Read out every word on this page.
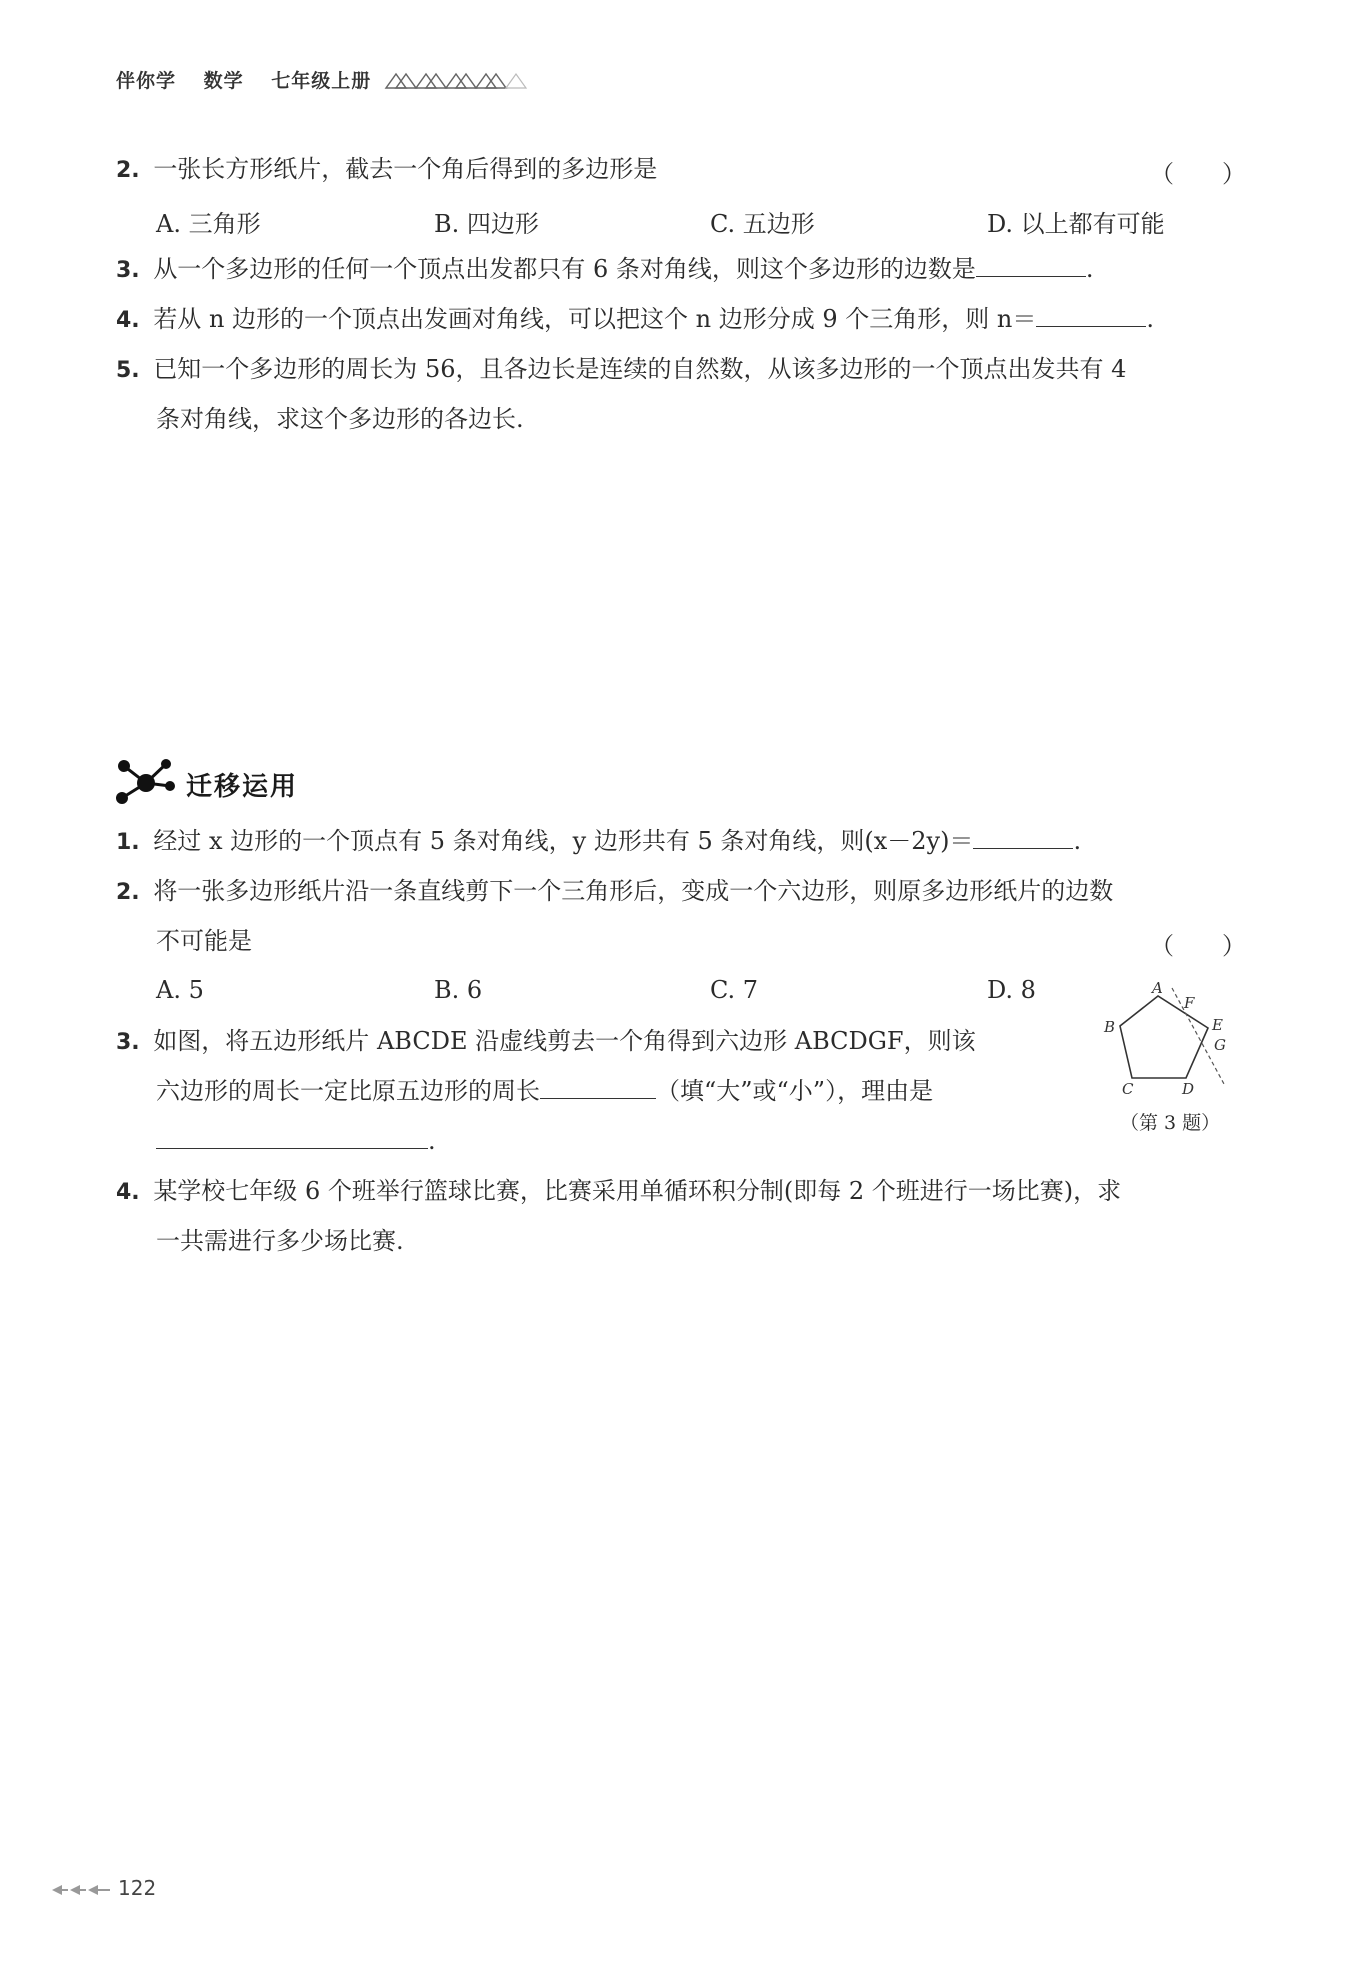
伴你学 数学 七年级上册
2. 一张长方形纸片，截去一个角后得到的多边形是	（　　）
A. 三角形	B. 四边形	C. 五边形	D. 以上都有可能
3. 从一个多边形的任何一个顶点出发都只有 6 条对角线，则这个多边形的边数是	.
4. 若从 n 边形的一个顶点出发画对角线，可以把这个 n 边形分成 9 个三角形，则 n＝	.
5. 已知一个多边形的周长为 56，且各边长是连续的自然数，从该多边形的一个顶点出发共有 4
条对角线，求这个多边形的各边长.
迁移运用
1. 经过 x 边形的一个顶点有 5 条对角线，y 边形共有 5 条对角线，则(x－2y)＝	.
2. 将一张多边形纸片沿一条直线剪下一个三角形后，变成一个六边形，则原多边形纸片的边数
不可能是	（　　）
A. 5	B. 6	C. 7	D. 8
3. 如图，将五边形纸片 ABCDE 沿虚线剪去一个角得到六边形 ABCDGF，则该
六边形的周长一定比原五边形的周长	（填“大”或“小”），理由是
.
A
B
C	D
E
F
G
（第 3 题）
4. 某学校七年级 6 个班举行篮球比赛，比赛采用单循环积分制(即每 2 个班进行一场比赛)，求
一共需进行多少场比赛.
122
